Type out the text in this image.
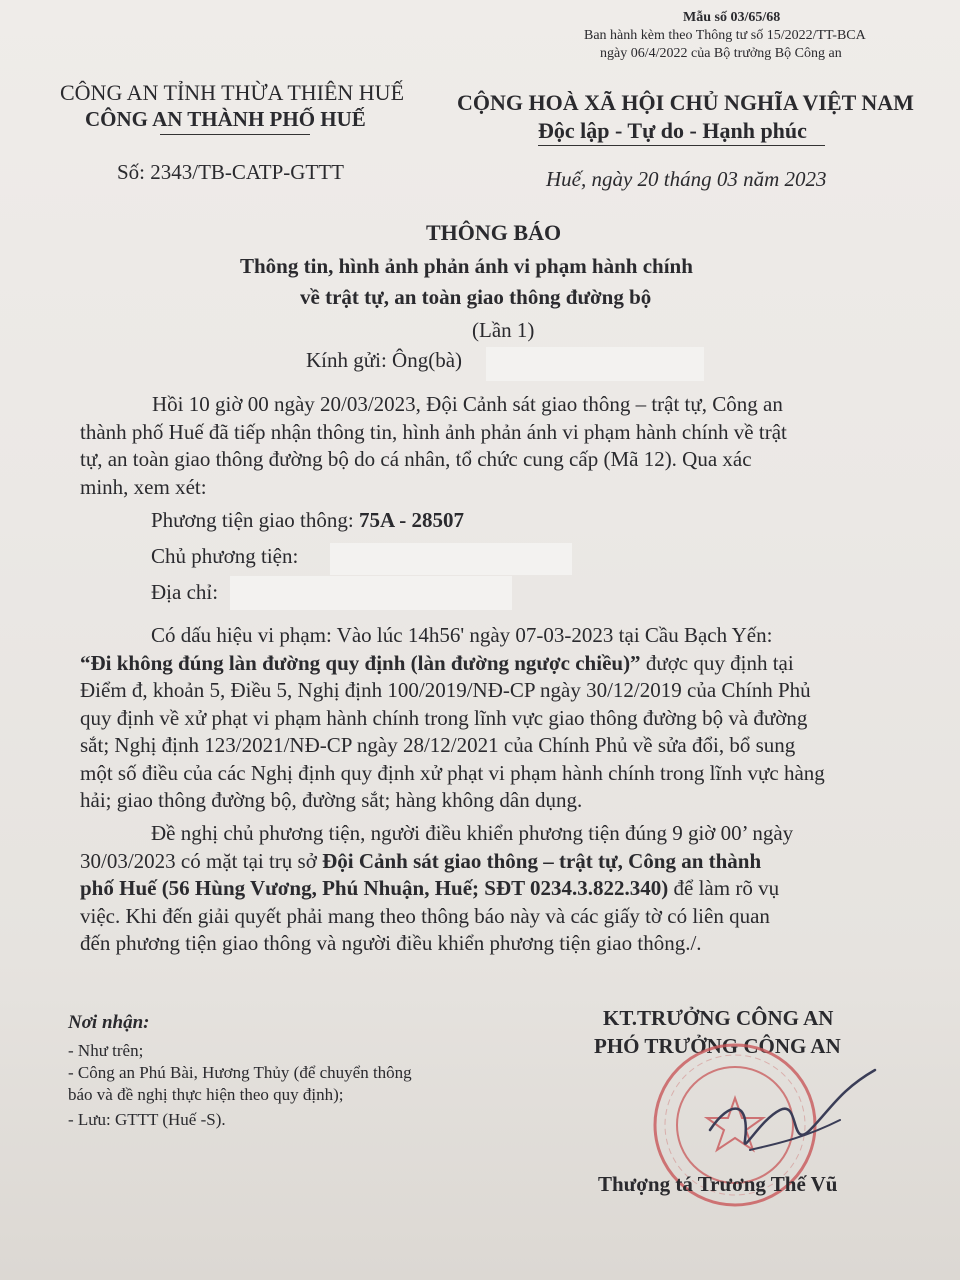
Mẫu số 03/65/68
Ban hành kèm theo Thông tư số 15/2022/TT-BCA
ngày 06/4/2022 của Bộ trưởng Bộ Công an
CÔNG AN TỈNH THỪA THIÊN HUẾ
CÔNG AN THÀNH PHỐ HUẾ
Số: 2343/TB-CATP-GTTT
CỘNG HOÀ XÃ HỘI CHỦ NGHĨA VIỆT NAM
Độc lập - Tự do - Hạnh phúc
Huế, ngày 20 tháng 03 năm 2023
THÔNG BÁO
Thông tin, hình ảnh phản ánh vi phạm hành chính
về trật tự, an toàn giao thông đường bộ
(Lần 1)
Kính gửi: Ông(bà)
Hồi 10 giờ 00 ngày 20/03/2023, Đội Cảnh sát giao thông – trật tự, Công an
thành phố Huế đã tiếp nhận thông tin, hình ảnh phản ánh vi phạm hành chính về trật
tự, an toàn giao thông đường bộ do cá nhân, tổ chức cung cấp (Mã 12). Qua xác
minh, xem xét:
Phương tiện giao thông: 75A - 28507
Chủ phương tiện:
Địa chỉ:
Có dấu hiệu vi phạm: Vào lúc 14h56' ngày 07-03-2023 tại Cầu Bạch Yến:
“Đi không đúng làn đường quy định (làn đường ngược chiều)” được quy định tại
Điểm đ, khoản 5, Điều 5, Nghị định 100/2019/NĐ-CP ngày 30/12/2019 của Chính Phủ
quy định về xử phạt vi phạm hành chính trong lĩnh vực giao thông đường bộ và đường
sắt; Nghị định 123/2021/NĐ-CP ngày 28/12/2021 của Chính Phủ về sửa đổi, bổ sung
một số điều của các Nghị định quy định xử phạt vi phạm hành chính trong lĩnh vực hàng
hải; giao thông đường bộ, đường sắt; hàng không dân dụng.
Đề nghị chủ phương tiện, người điều khiển phương tiện đúng 9 giờ 00’ ngày
30/03/2023 có mặt tại trụ sở Đội Cảnh sát giao thông – trật tự, Công an thành
phố Huế (56 Hùng Vương, Phú Nhuận, Huế; SĐT 0234.3.822.340) để làm rõ vụ
việc. Khi đến giải quyết phải mang theo thông báo này và các giấy tờ có liên quan
đến phương tiện giao thông và người điều khiển phương tiện giao thông./.
Nơi nhận:
- Như trên;
- Công an Phú Bài, Hương Thủy (để chuyển thông
báo và đề nghị thực hiện theo quy định);
- Lưu: GTTT (Huế -S).
KT.TRƯỞNG CÔNG AN
PHÓ TRƯỞNG CÔNG AN
Thượng tá Trương Thế Vũ
